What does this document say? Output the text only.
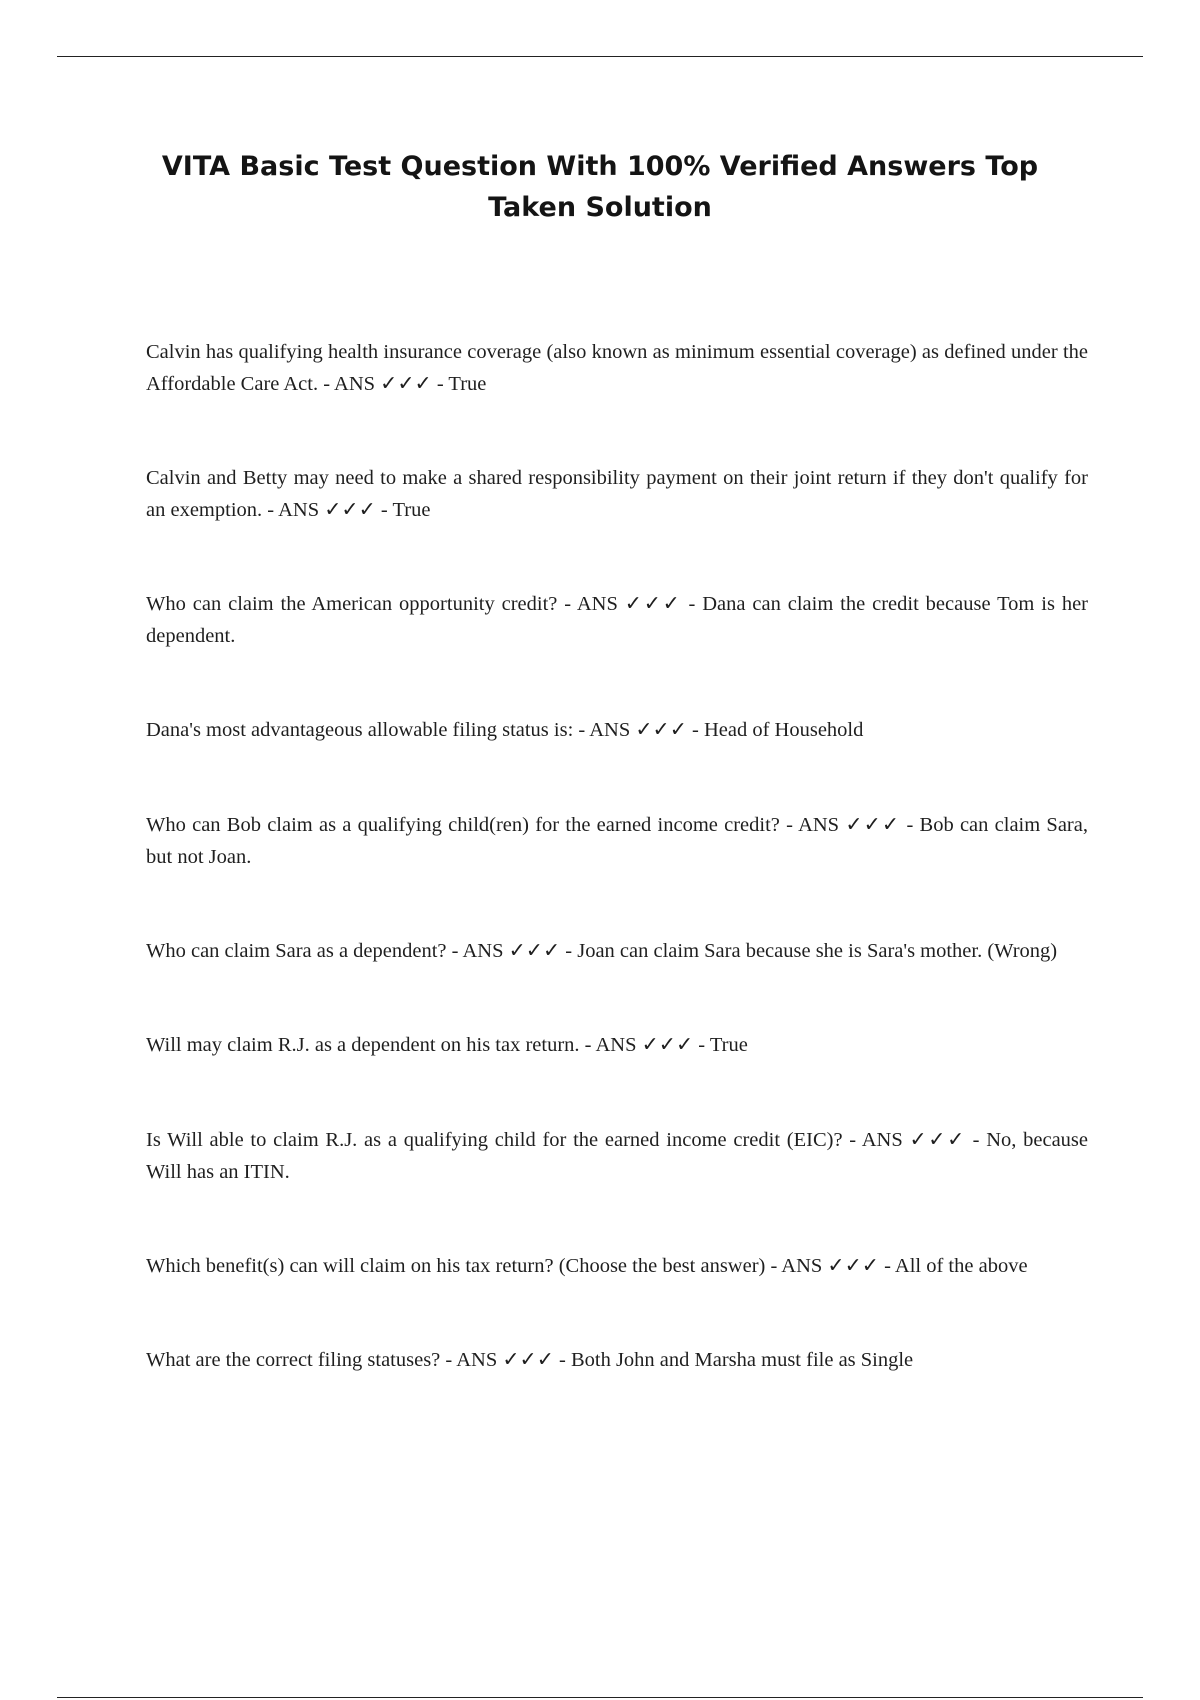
VITA Basic Test Question With 100% Verified Answers Top Taken Solution
Calvin has qualifying health insurance coverage (also known as minimum essential coverage) as defined under the Affordable Care Act. - ANS ✓✓✓ - True
Calvin and Betty may need to make a shared responsibility payment on their joint return if they don't qualify for an exemption. - ANS ✓✓✓ - True
Who can claim the American opportunity credit? - ANS ✓✓✓ - Dana can claim the credit because Tom is her dependent.
Dana's most advantageous allowable filing status is: - ANS ✓✓✓ - Head of Household
Who can Bob claim as a qualifying child(ren) for the earned income credit? - ANS ✓✓✓ - Bob can claim Sara, but not Joan.
Who can claim Sara as a dependent? - ANS ✓✓✓ - Joan can claim Sara because she is Sara's mother. (Wrong)
Will may claim R.J. as a dependent on his tax return. - ANS ✓✓✓ - True
Is Will able to claim R.J. as a qualifying child for the earned income credit (EIC)? - ANS ✓✓✓ - No, because Will has an ITIN.
Which benefit(s) can will claim on his tax return? (Choose the best answer) - ANS ✓✓✓ - All of the above
What are the correct filing statuses? - ANS ✓✓✓ - Both John and Marsha must file as Single
